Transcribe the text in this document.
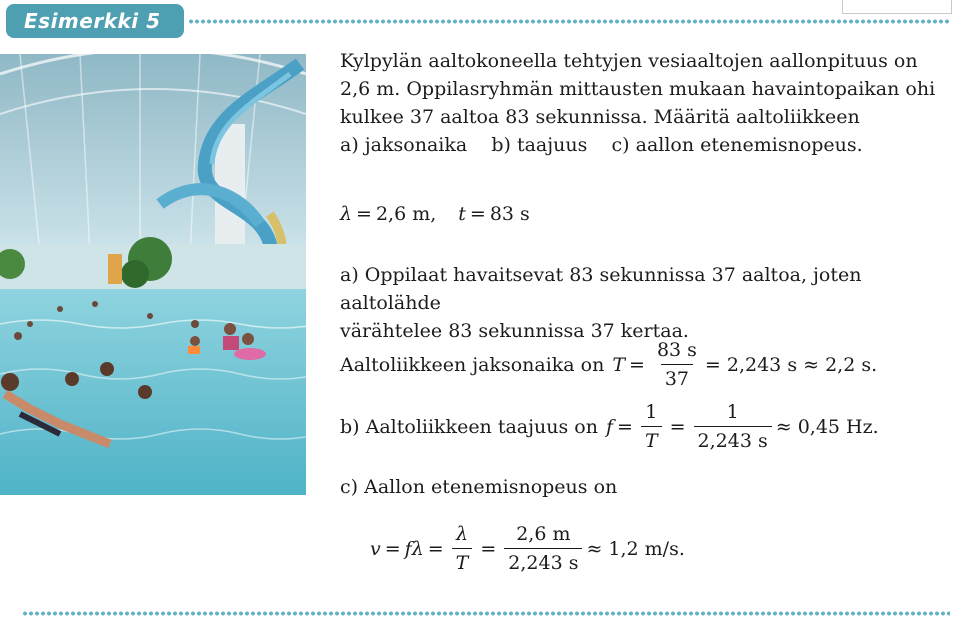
Esimerkki 5

Kylpylän aaltokoneella tehtyjen vesiaaltojen aallonpituus on
2,6 m. Oppilasryhmän mittausten mukaan havaintopaikan ohi
kulkee 37 aaltoa 83 sekunnissa. Määritä aaltoliikkeen
a) jaksonaika    b) taajuus    c) aallon etenemisnopeus.

λ = 2,6 m, t = 83 s

a) Oppilaat havaitsevat 83 sekunnissa 37 aaltoa, joten aaltolähde
värähtelee 83 sekunnissa 37 kertaa.

Aaltoliikkeen jaksonaika on $T = \frac{83 s}{37} = 2,243$ s ≈ 2,2 s.
b) Aaltoliikkeen taajuus on $f = \frac{1}{T} = \frac{1}{2,243 s} \approx 0,45$ Hz.
c) Aallon etenemisnopeus on
$v = f\lambda = \frac{\lambda}{T} = \frac{2,6 m}{2,243 s} \approx 1,2$ m/s.
